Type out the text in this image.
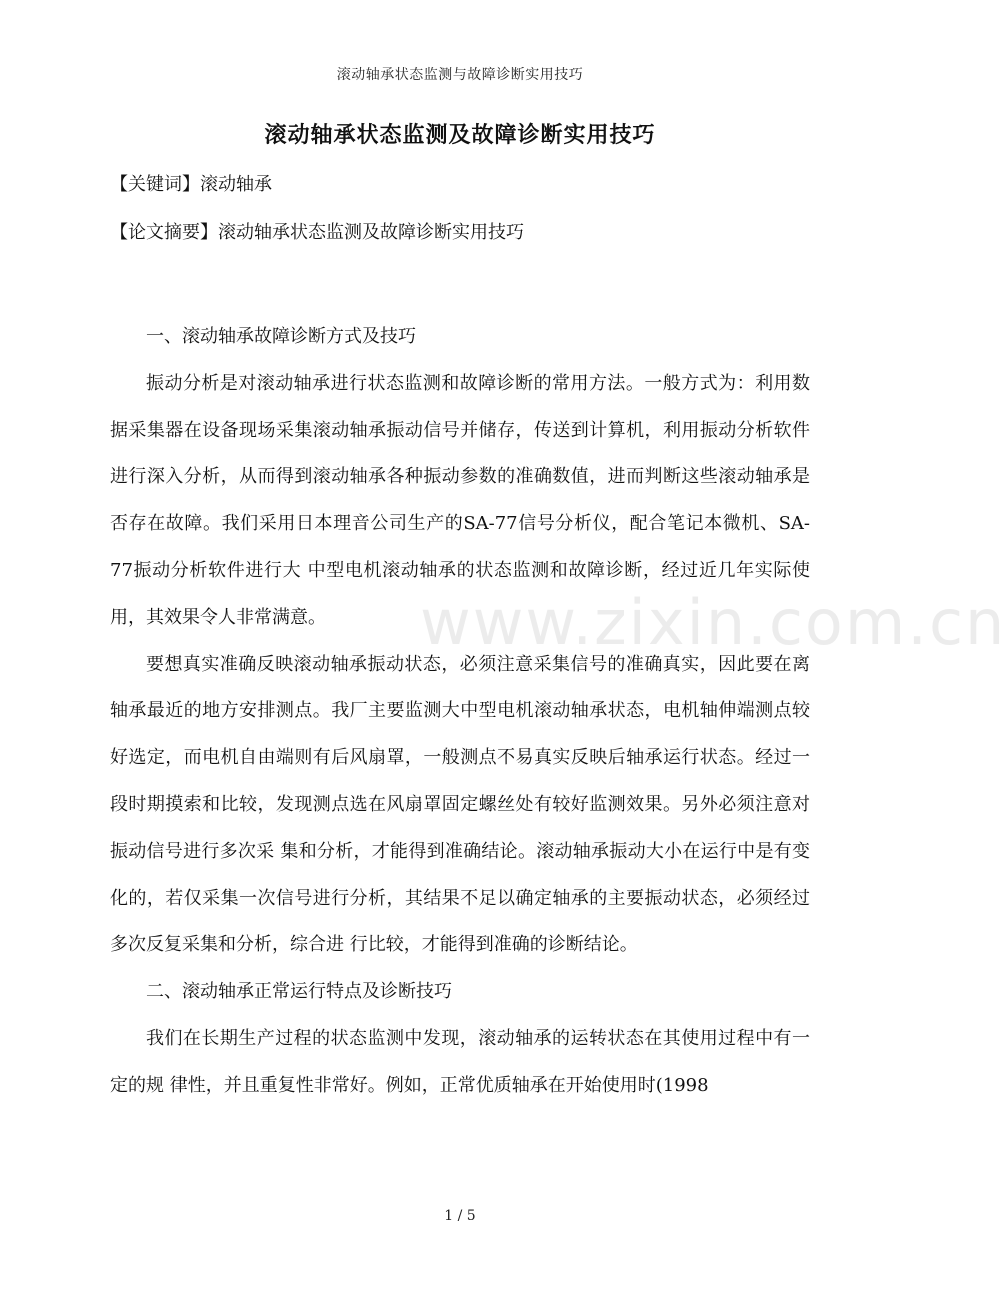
滚动轴承状态监测与故障诊断实用技巧
滚动轴承状态监测及故障诊断实用技巧
【关键词】滚动轴承
【论文摘要】滚动轴承状态监测及故障诊断实用技巧

一、滚动轴承故障诊断方式及技巧

振动分析是对滚动轴承进行状态监测和故障诊断的常用方法。一般方式为：利用数据采集器在设备现场采集滚动轴承振动信号并储存，传送到计算机，利用振动分析软件进行深入分析，从而得到滚动轴承各种振动参数的准确数值，进而判断这些滚动轴承是否存在故障。我们采用日本理音公司生产的SA-77信号分析仪，配合笔记本微机、SA-77振动分析软件进行大 中型电机滚动轴承的状态监测和故障诊断，经过近几年实际使用，其效果令人非常满意。

要想真实准确反映滚动轴承振动状态，必须注意采集信号的准确真实，因此要在离轴承最近的地方安排测点。我厂主要监测大中型电机滚动轴承状态，电机轴伸端测点较好选定，而电机自由端则有后风扇罩，一般测点不易真实反映后轴承运行状态。经过一段时期摸索和比较，发现测点选在风扇罩固定螺丝处有较好监测效果。另外必须注意对振动信号进行多次采 集和分析，才能得到准确结论。滚动轴承振动大小在运行中是有变化的，若仅采集一次信号进行分析，其结果不足以确定轴承的主要振动状态，必须经过多次反复采集和分析，综合进 行比较，才能得到准确的诊断结论。

二、滚动轴承正常运行特点及诊断技巧

我们在长期生产过程的状态监测中发现，滚动轴承的运转状态在其使用过程中有一定的规 律性，并且重复性非常好。例如，正常优质轴承在开始使用时(1998

www.zixin.com.cn
1 / 5
